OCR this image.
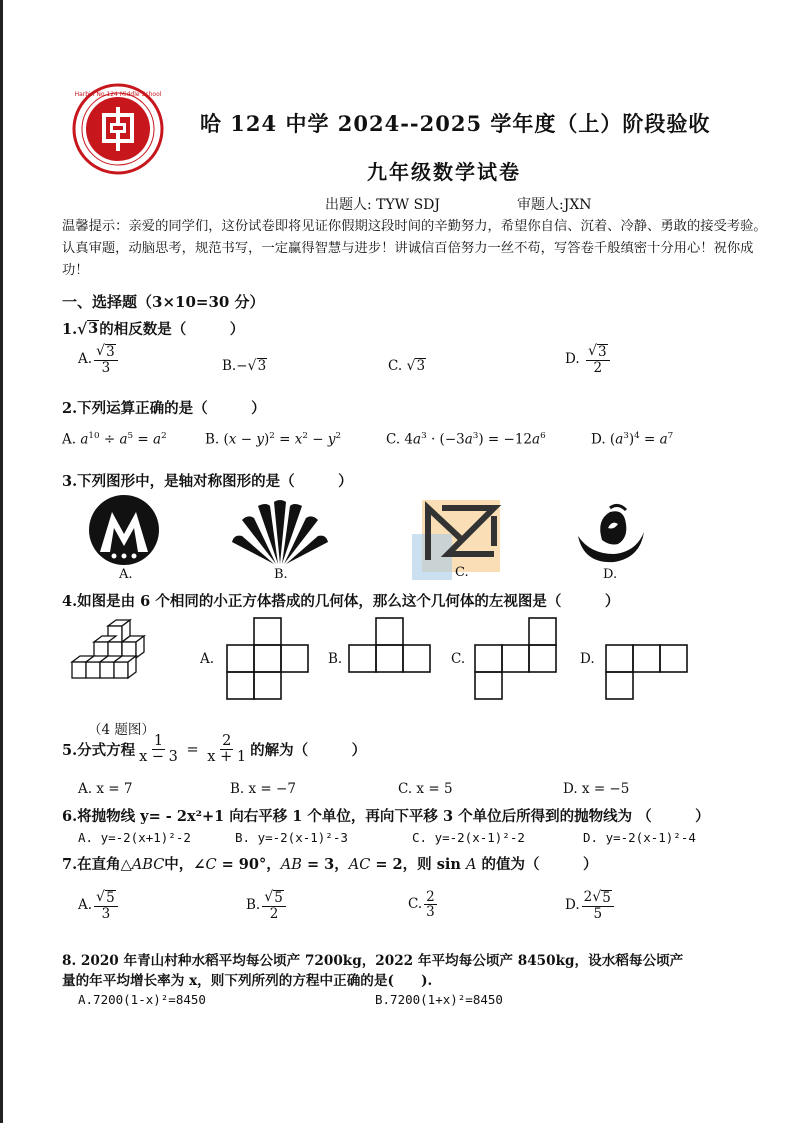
Harbin No.124 Middle School
哈 124 中学 2024--2025 学年度（上）阶段验收
九年级数学试卷
出题人: TYW SDJ	审题人:JXN
温馨提示：亲爱的同学们，这份试卷即将见证你假期这段时间的辛勤努力，希望你自信、沉着、冷静、勇敢的接受考验。认真审题，动脑思考，规范书写，一定赢得智慧与进步！讲诚信百倍努力一丝不苟，写答卷千般缜密十分用心！祝你成功！
一、选择题（3×10=30 分）
1. √ 3 的相反数是（　　　）
A. $\frac{√ 3}{3}$	B.− √ 3	C. √ 3	D. $\frac{√ 3}{2}$
2.下列运算正确的是（　　　）
A. $a^{10} \div a^5 = a^2$	B. $(x - y)^2 = x^2 - y^2$	C. $4a^3 \cdot (-3a^3) = -12a^6$	D. $(a^3)^4 = a^7$
3.下列图形中，是轴对称图形的是（　　　）
A.	B.	C.	D.
4.如图是由 6 个相同的小正方体搭成的几何体，那么这个几何体的左视图是（　　　）
（4 题图）
A.	B.	C.	D.
5.分式方程 $\frac{1}{x - 3} = \frac{2}{x + 1}$ 的解为（　　　）
A. x = 7	B. x = −7	C. x = 5	D. x = −5
6.将抛物线 y= - 2x²+1 向右平移 1 个单位，再向下平移 3 个单位后所得到的抛物线为 （　　　）
A. y=-2(x+1)²-2	B. y=-2(x-1)²-3	C. y=-2(x-1)²-2	D. y=-2(x-1)²-4
7.在直角△ABC中，∠C = 90°，AB = 3，AC = 2，则 sin A 的值为（　　　）
A. $\frac{√ 5}{3}$	B. $\frac{√ 5}{2}$	C. $\frac{2}{3}$	D. $\frac{2 √ 5}{5}$
8. 2020 年青山村种水稻平均每公顷产 7200kg，2022 年平均每公顷产 8450kg，设水稻每公顷产
量的年平均增长率为 x，则下列所列的方程中正确的是(　　).
A.7200(1-x)²=8450	B.7200(1+x)²=8450
